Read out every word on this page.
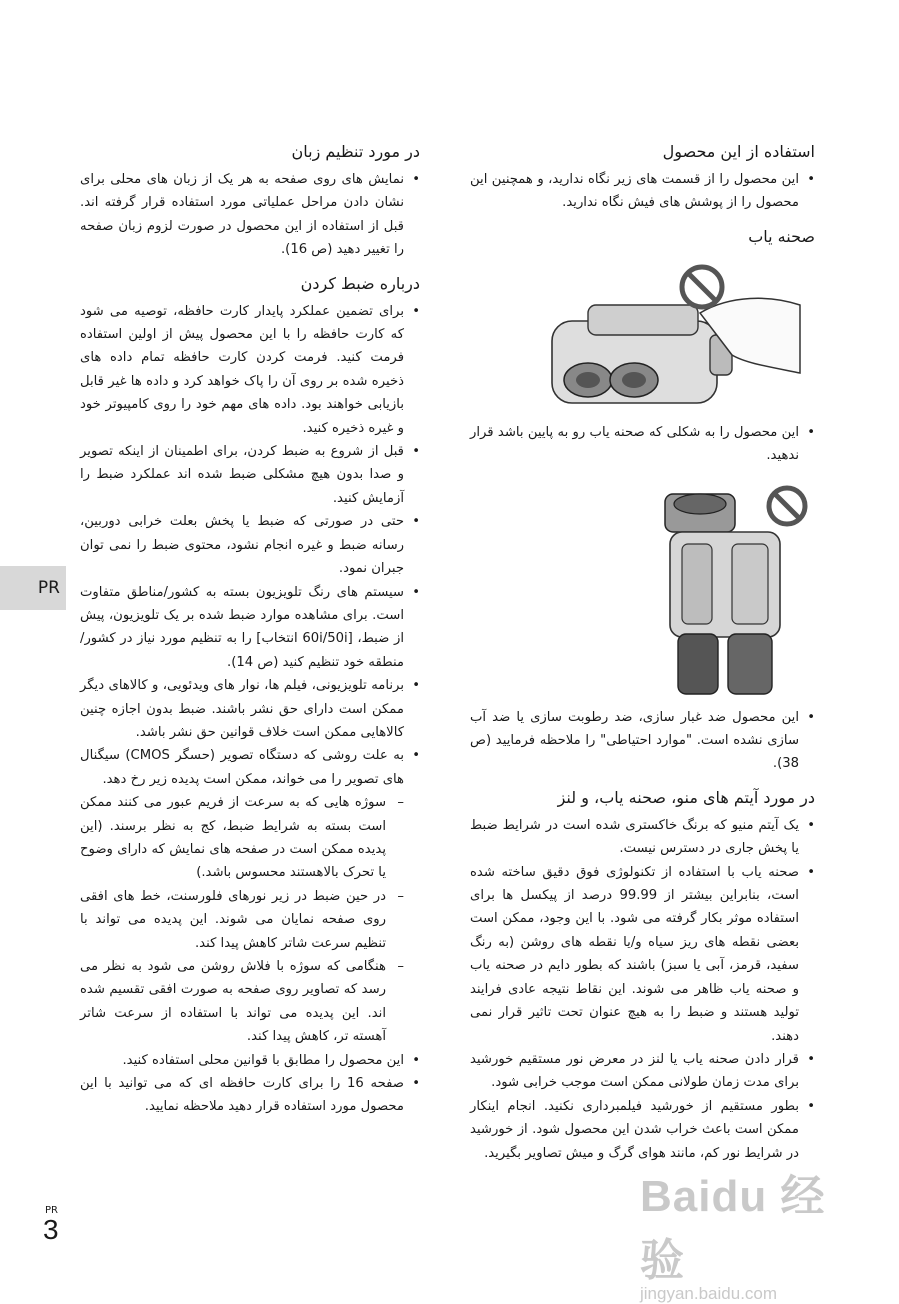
استفاده از این محصول
• این محصول را از قسمت های زیر نگاه ندارید، و همچنین این محصول را از پوشش های فیش نگاه ندارید.
صحنه یاب
• این محصول را به شکلی که صحنه یاب رو به پایین باشد قرار ندهید.
• این محصول ضد غبار سازی، ضد رطوبت سازی یا ضد آب سازی نشده است. "موارد احتیاطی" را ملاحظه فرمایید (ص 38).
در مورد آیتم های منو، صحنه یاب، و لنز
• یک آیتم منیو که برنگ خاکستری شده است در شرایط ضبط یا پخش جاری در دسترس نیست.
• صحنه یاب با استفاده از تکنولوژی فوق دقیق ساخته شده است، بنابراین بیشتر از 99.99 درصد از پیکسل ها برای استفاده موثر بکار گرفته می شود. با این وجود، ممکن است بعضی نقطه های ریز سیاه و/یا نقطه های روشن (به رنگ سفید، قرمز، آبی یا سبز) باشند که بطور دایم در صحنه یاب و صحنه یاب ظاهر می شوند. این نقاط نتیجه عادی فرایند تولید هستند و ضبط را به هیچ عنوان تحت تاثیر قرار نمی دهند.
• قرار دادن صحنه یاب یا لنز در معرض نور مستقیم خورشید برای مدت زمان طولانی ممکن است موجب خرابی شود.
• بطور مستقیم از خورشید فیلمبرداری نکنید. انجام اینکار ممکن است باعث خراب شدن این محصول شود. از خورشید در شرایط نور کم، مانند هوای گرگ و میش تصاویر بگیرید.
در مورد تنظیم زبان
• نمایش های روی صفحه به هر یک از زبان های محلی برای نشان دادن مراحل عملیاتی مورد استفاده قرار گرفته اند. قبل از استفاده از این محصول در صورت لزوم زبان صفحه را تغییر دهید (ص 16).
درباره ضبط کردن
• برای تضمین عملکرد پایدار کارت حافظه، توصیه می شود که کارت حافظه را با این محصول پیش از اولین استفاده فرمت کنید. فرمت کردن کارت حافظه تمام داده های ذخیره شده بر روی آن را پاک خواهد کرد و داده ها غیر قابل بازیابی خواهند بود. داده های مهم خود را روی کامپیوتر خود و غیره ذخیره کنید.
• قبل از شروع به ضبط کردن، برای اطمینان از اینکه تصویر و صدا بدون هیچ مشکلی ضبط شده اند عملکرد ضبط را آزمایش کنید.
• حتی در صورتی که ضبط یا پخش بعلت خرابی دوربین، رسانه ضبط و غیره انجام نشود، محتوی ضبط را نمی توان جبران نمود.
• سیستم های رنگ تلویزیون بسته به کشور/مناطق متفاوت است. برای مشاهده موارد ضبط شده بر یک تلویزیون، پیش از ضبط، [60i/50i انتخاب] را به تنظیم مورد نیاز در کشور/منطقه خود تنظیم کنید (ص 14).
• برنامه تلویزیونی، فیلم ها، نوار های ویدئویی، و کالاهای دیگر ممکن است دارای حق نشر باشند. ضبط بدون اجازه چنین کالاهایی ممکن است خلاف قوانین حق نشر باشد.
• به علت روشی که دستگاه تصویر (حسگر CMOS) سیگنال های تصویر را می خواند، ممکن است پدیده زیر رخ دهد.
– سوژه هایی که به سرعت از فریم عبور می کنند ممکن است بسته به شرایط ضبط، کج به نظر برسند. (این پدیده ممکن است در صفحه های نمایش که دارای وضوح یا تحرک بالاهستند محسوس باشد.)
– در حین ضبط در زیر نورهای فلورسنت، خط های افقی روی صفحه نمایان می شوند. این پدیده می تواند با تنظیم سرعت شاتر کاهش پیدا کند.
– هنگامی که سوژه با فلاش روشن می شود به نظر می رسد که تصاویر روی صفحه به صورت افقی تقسیم شده اند. این پدیده می تواند با استفاده از سرعت شاتر آهسته تر، کاهش پیدا کند.
• این محصول را مطابق با قوانین محلی استفاده کنید.
• صفحه 16 را برای کارت حافظه ای که می توانید با این محصول مورد استفاده قرار دهید ملاحظه نمایید.
PR
PR
3
Baidu 经验
jingyan.baidu.com
